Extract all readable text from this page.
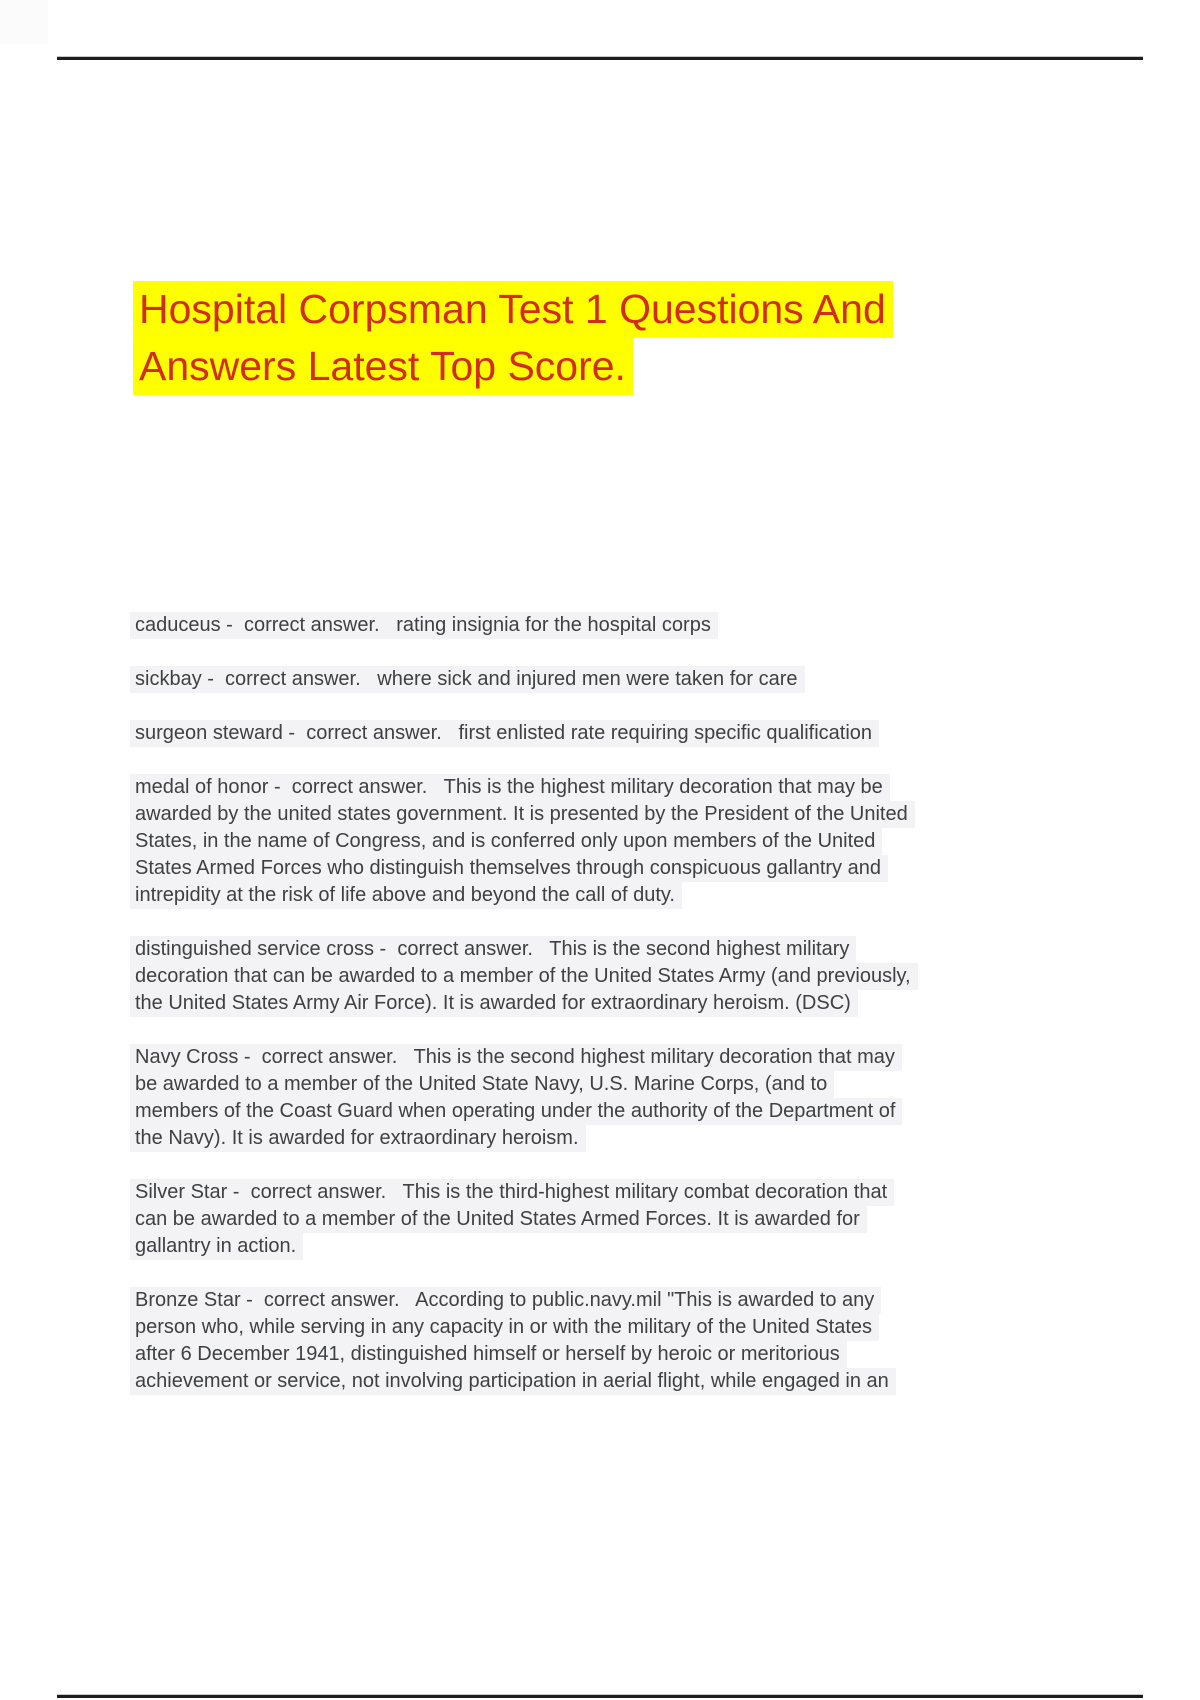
Hospital Corpsman Test 1 Questions And
Answers Latest Top Score.
caduceus -  correct answer.   rating insignia for the hospital corps
sickbay -  correct answer.   where sick and injured men were taken for care
surgeon steward -  correct answer.   first enlisted rate requiring specific qualification
medal of honor -  correct answer.   This is the highest military decoration that may be
awarded by the united states government. It is presented by the President of the United
States, in the name of Congress, and is conferred only upon members of the United
States Armed Forces who distinguish themselves through conspicuous gallantry and
intrepidity at the risk of life above and beyond the call of duty.
distinguished service cross -  correct answer.   This is the second highest military
decoration that can be awarded to a member of the United States Army (and previously,
the United States Army Air Force). It is awarded for extraordinary heroism. (DSC)
Navy Cross -  correct answer.   This is the second highest military decoration that may
be awarded to a member of the United State Navy, U.S. Marine Corps, (and to
members of the Coast Guard when operating under the authority of the Department of
the Navy). It is awarded for extraordinary heroism.
Silver Star -  correct answer.   This is the third-highest military combat decoration that
can be awarded to a member of the United States Armed Forces. It is awarded for
gallantry in action.
Bronze Star -  correct answer.   According to public.navy.mil "This is awarded to any
person who, while serving in any capacity in or with the military of the United States
after 6 December 1941, distinguished himself or herself by heroic or meritorious
achievement or service, not involving participation in aerial flight, while engaged in an
